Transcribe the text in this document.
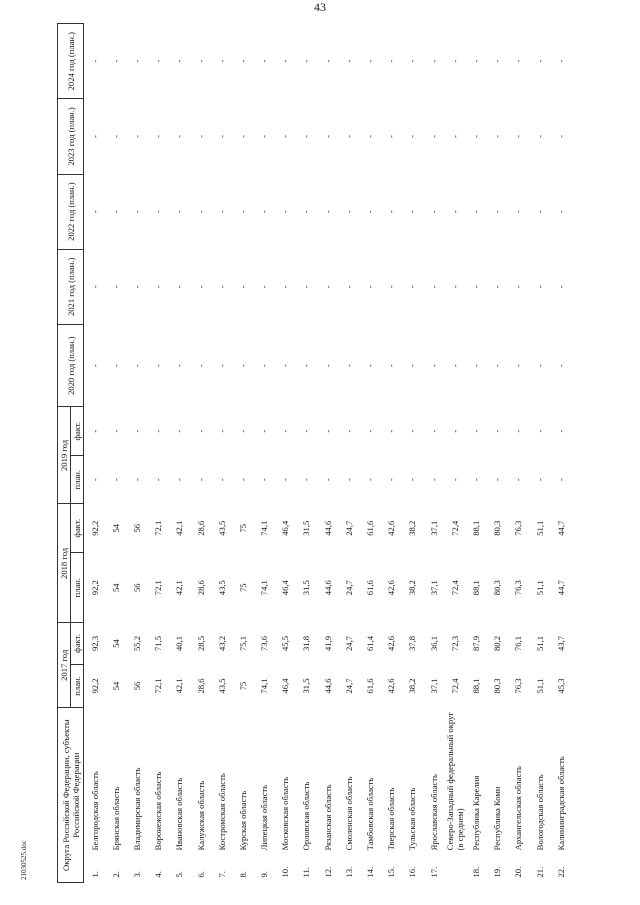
43
Округа Российской Федерации, субъекты Российской Федерации		2017 год		2018 год		2019 год		2020 год (план.)	2021 год (план.)	2022 год (план.)	2023 год (план.)	2024 год (план.)
		план.	факт.	план.	факт.	план.	факт.					
1.	Белгородская область	92,2	92,3	92,2	92,2	-	-	-	-	-	-	-
2.	Брянская область	54	54	54	54	-	-	-	-	-	-	-
3.	Владимирская область	56	55,2	56	56	-	-	-	-	-	-	-
4.	Воронежская область	72,1	71,5	72,1	72,1	-	-	-	-	-	-	-
5.	Ивановская область	42,1	40,1	42,1	42,1	-	-	-	-	-	-	-
6.	Калужская область	28,6	28,5	28,6	28,6	-	-	-	-	-	-	-
7.	Костромская область	43,5	43,2	43,5	43,5	-	-	-	-	-	-	-
8.	Курская область	75	75,1	75	75	-	-	-	-	-	-	-
9.	Липецкая область	74,1	73,6	74,1	74,1	-	-	-	-	-	-	-
10.	Московская область	46,4	45,5	46,4	46,4	-	-	-	-	-	-	-
11.	Орловская область	31,5	31,8	31,5	31,5	-	-	-	-	-	-	-
12.	Рязанская область	44,6	41,9	44,6	44,6	-	-	-	-	-	-	-
13.	Смоленская область	24,7	24,7	24,7	24,7	-	-	-	-	-	-	-
14.	Тамбовская область	61,6	61,4	61,6	61,6	-	-	-	-	-	-	-
15.	Тверская область	42,6	42,6	42,6	42,6	-	-	-	-	-	-	-
16.	Тульская область	38,2	37,8	38,2	38,2	-	-	-	-	-	-	-
17.	Ярославская область	37,1	36,1	37,1	37,1	-	-	-	-	-	-	-
	Северо-Западный федеральный округ (в среднем)	72,4	72,3	72,4	72,4	-	-	-	-	-	-	-
18.	Республика Карелия	88,1	87,9	88,1	88,1	-	-	-	-	-	-	-
19.	Республика Коми	80,3	80,2	80,3	80,3	-	-	-	-	-	-	-
20.	Архангельская область	76,3	76,1	76,3	76,3	-	-	-	-	-	-	-
21.	Вологодская область	51,1	51,1	51,1	51,1	-	-	-	-	-	-	-
22.	Калининградская область	45,3	43,7	44,7	44,7	-	-	-	-	-	-	-
21030525.doc
